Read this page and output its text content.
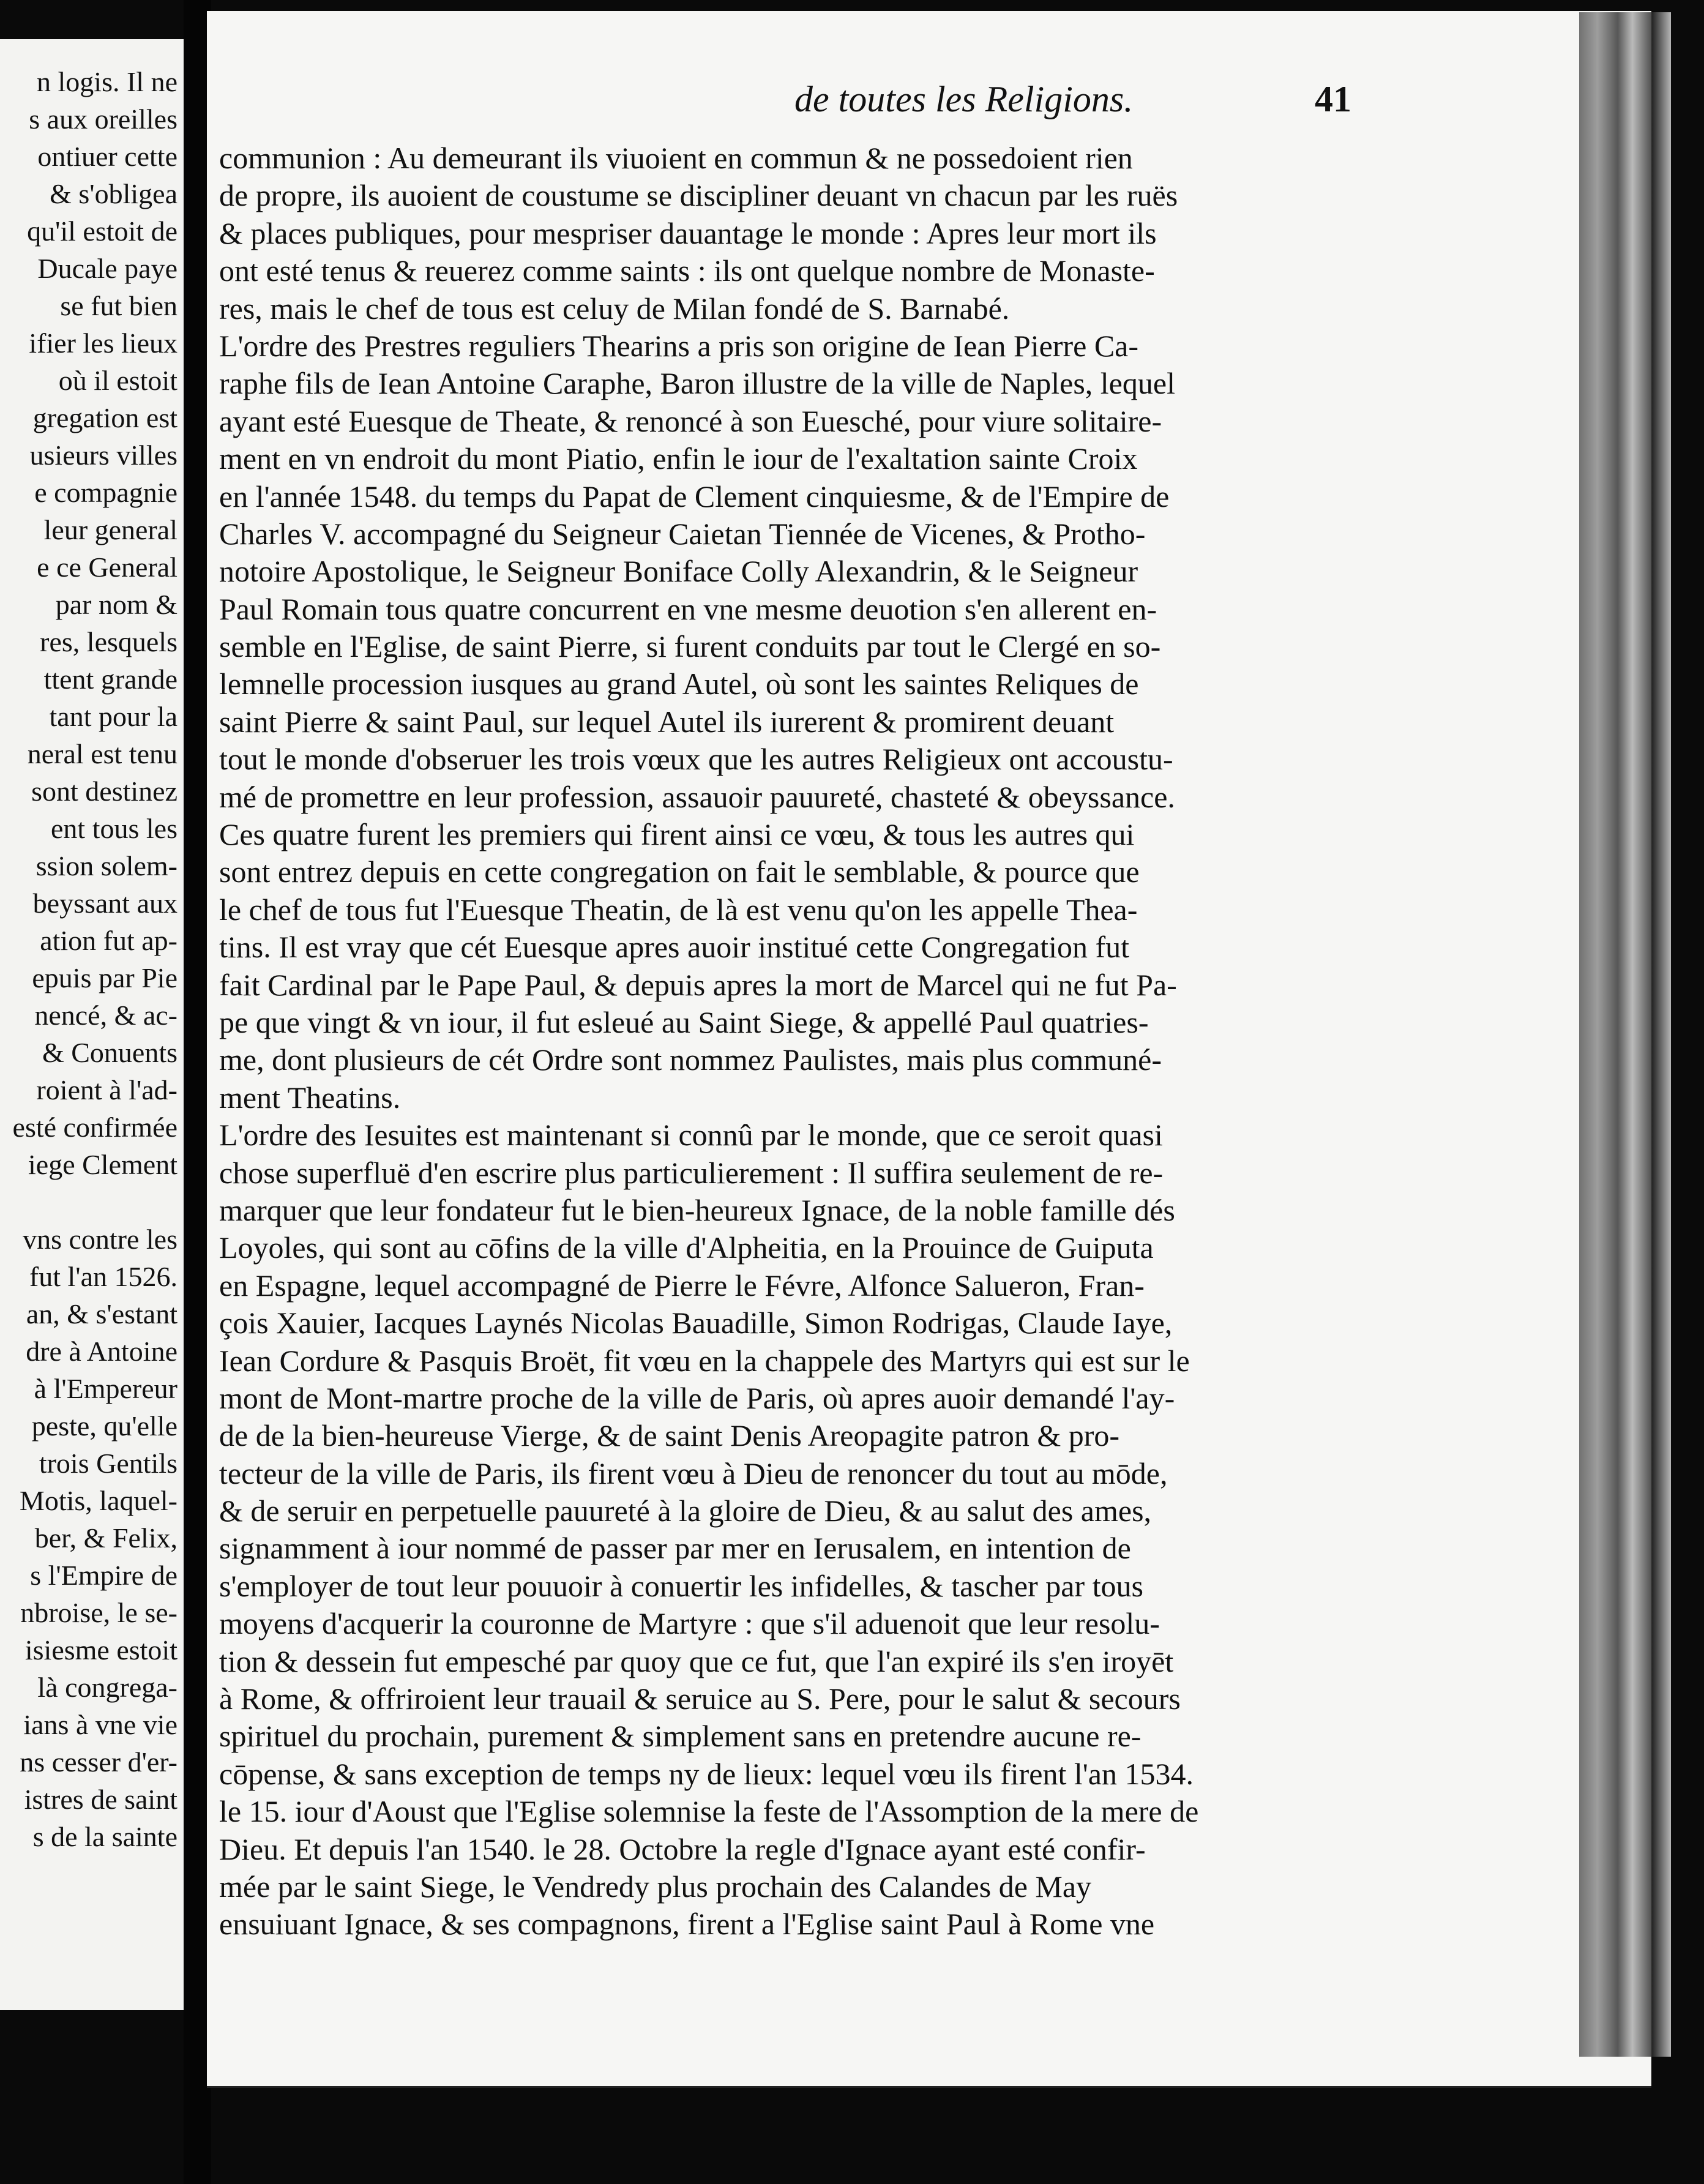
n logis. Il ne
s aux oreilles
ontiuer cette
& s'obligea
qu'il estoit de
Ducale paye
se fut bien
ifier les lieux
où il estoit
gregation est
usieurs villes
e compagnie
leur general
e ce General
par nom &
res, lesquels
ttent grande
tant pour la
neral est tenu
sont destinez
ent tous les
ssion solem-
beyssant aux
ation fut ap-
epuis par Pie
nencé, & ac-
& Conuents
roient à l'ad-
esté confirmée
iege Clement
vns contre les
fut l'an 1526.
an, & s'estant
dre à Antoine
à l'Empereur
peste, qu'elle
trois Gentils
Motis, laquel-
ber, & Felix,
s l'Empire de
nbroise, le se-
isiesme estoit
là congrega-
ians à vne vie
ns cesser d'er-
istres de saint
s de la sainte
de toutes les Religions.	41
communion : Au demeurant ils viuoient en commun & ne possedoient rien
de propre, ils auoient de coustume se discipliner deuant vn chacun par les ruës
& places publiques, pour mespriser dauantage le monde : Apres leur mort ils
ont esté tenus & reuerez comme saints : ils ont quelque nombre de Monaste-
res, mais le chef de tous est celuy de Milan fondé de S. Barnabé.
L'ordre des Prestres reguliers Thearins a pris son origine de Iean Pierre Ca-
raphe fils de Iean Antoine Caraphe, Baron illustre de la ville de Naples, lequel
ayant esté Euesque de Theate, & renoncé à son Euesché, pour viure solitaire-
ment en vn endroit du mont Piatio, enfin le iour de l'exaltation sainte Croix
en l'année 1548. du temps du Papat de Clement cinquiesme, & de l'Empire de
Charles V. accompagné du Seigneur Caietan Tiennée de Vicenes, & Protho-
notoire Apostolique, le Seigneur Boniface Colly Alexandrin, & le Seigneur
Paul Romain tous quatre concurrent en vne mesme deuotion s'en allerent en-
semble en l'Eglise, de saint Pierre, si furent conduits par tout le Clergé en so-
lemnelle procession iusques au grand Autel, où sont les saintes Reliques de
saint Pierre & saint Paul, sur lequel Autel ils iurerent & promirent deuant
tout le monde d'obseruer les trois vœux que les autres Religieux ont accoustu-
mé de promettre en leur profession, assauoir pauureté, chasteté & obeyssance.
Ces quatre furent les premiers qui firent ainsi ce vœu, & tous les autres qui
sont entrez depuis en cette congregation on fait le semblable, & pource que
le chef de tous fut l'Euesque Theatin, de là est venu qu'on les appelle Thea-
tins. Il est vray que cét Euesque apres auoir institué cette Congregation fut
fait Cardinal par le Pape Paul, & depuis apres la mort de Marcel qui ne fut Pa-
pe que vingt & vn iour, il fut esleué au Saint Siege, & appellé Paul quatries-
me, dont plusieurs de cét Ordre sont nommez Paulistes, mais plus communé-
ment Theatins.
L'ordre des Iesuites est maintenant si connû par le monde, que ce seroit quasi
chose superfluë d'en escrire plus particulierement : Il suffira seulement de re-
marquer que leur fondateur fut le bien-heureux Ignace, de la noble famille dés
Loyoles, qui sont au cōfins de la ville d'Alpheitia, en la Prouince de Guiputa
en Espagne, lequel accompagné de Pierre le Févre, Alfonce Salueron, Fran-
çois Xauier, Iacques Laynés Nicolas Bauadille, Simon Rodrigas, Claude Iaye,
Iean Cordure & Pasquis Broët, fit vœu en la chappele des Martyrs qui est sur le
mont de Mont-martre proche de la ville de Paris, où apres auoir demandé l'ay-
de de la bien-heureuse Vierge, & de saint Denis Areopagite patron & pro-
tecteur de la ville de Paris, ils firent vœu à Dieu de renoncer du tout au mōde,
& de seruir en perpetuelle pauureté à la gloire de Dieu, & au salut des ames,
signamment à iour nommé de passer par mer en Ierusalem, en intention de
s'employer de tout leur pouuoir à conuertir les infidelles, & tascher par tous
moyens d'acquerir la couronne de Martyre : que s'il aduenoit que leur resolu-
tion & dessein fut empesché par quoy que ce fut, que l'an expiré ils s'en iroyēt
à Rome, & offriroient leur trauail & seruice au S. Pere, pour le salut & secours
spirituel du prochain, purement & simplement sans en pretendre aucune re-
cōpense, & sans exception de temps ny de lieux: lequel vœu ils firent l'an 1534.
le 15. iour d'Aoust que l'Eglise solemnise la feste de l'Assomption de la mere de
Dieu. Et depuis l'an 1540. le 28. Octobre la regle d'Ignace ayant esté confir-
mée par le saint Siege, le Vendredy plus prochain des Calandes de May
ensuiuant Ignace, & ses compagnons, firent a l'Eglise saint Paul à Rome vne
